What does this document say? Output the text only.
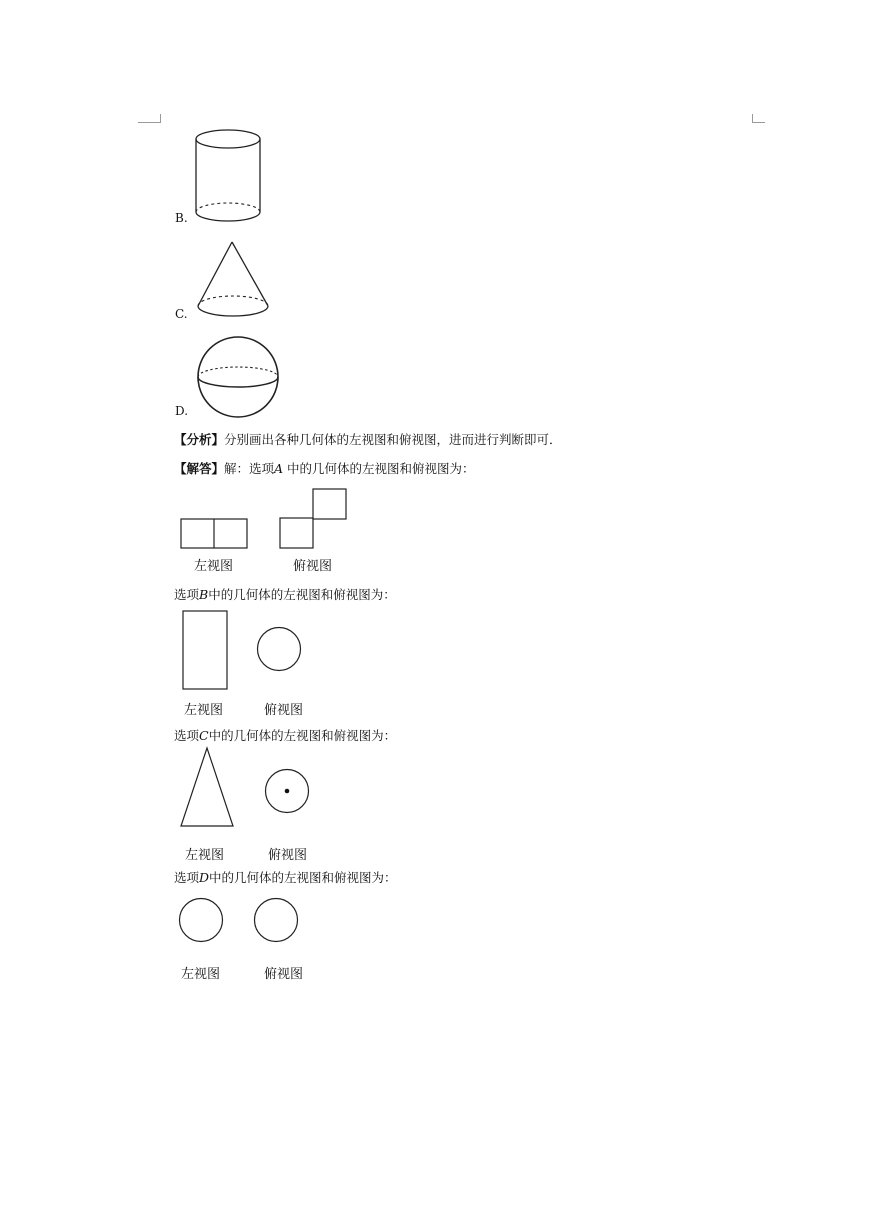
B.
C.
D.
【分析】分别画出各种几何体的左视图和俯视图，进而进行判断即可．
【解答】解：选项A 中的几何体的左视图和俯视图为：
左视图	俯视图
选项B中的几何体的左视图和俯视图为：
左视图	俯视图
选项C中的几何体的左视图和俯视图为：
左视图	俯视图
选项D中的几何体的左视图和俯视图为：
左视图	俯视图
